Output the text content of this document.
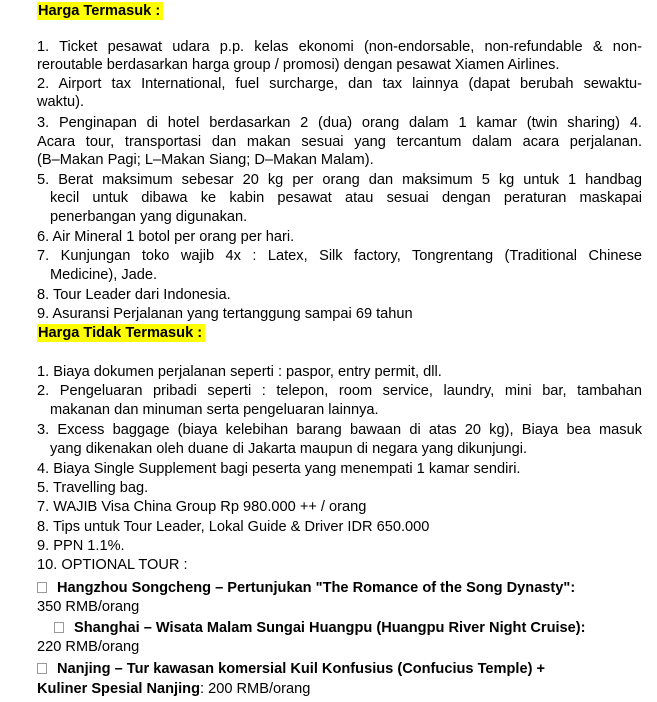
Harga Termasuk :
1. Ticket pesawat udara p.p. kelas ekonomi (non-endorsable, non-refundable & non-
reroutable berdasarkan harga group / promosi) dengan pesawat Xiamen Airlines.
2. Airport tax International, fuel surcharge, dan tax lainnya (dapat berubah sewaktu-
waktu).
3. Penginapan di hotel berdasarkan 2 (dua) orang dalam 1 kamar (twin sharing) 4.
Acara tour, transportasi dan makan sesuai yang tercantum dalam acara perjalanan.
(B–Makan Pagi; L–Makan Siang; D–Makan Malam).
5. Berat maksimum sebesar 20 kg per orang dan maksimum 5 kg untuk 1 handbag
kecil untuk dibawa ke kabin pesawat atau sesuai dengan peraturan maskapai
penerbangan yang digunakan.
6. Air Mineral 1 botol per orang per hari.
7. Kunjungan toko wajib 4x : Latex, Silk factory, Tongrentang (Traditional Chinese
Medicine), Jade.
8. Tour Leader dari Indonesia.
9. Asuransi Perjalanan yang tertanggung sampai 69 tahun
Harga Tidak Termasuk :
1. Biaya dokumen perjalanan seperti : paspor, entry permit, dll.
2. Pengeluaran pribadi seperti : telepon, room service, laundry, mini bar, tambahan
makanan dan minuman serta pengeluaran lainnya.
3. Excess baggage (biaya kelebihan barang bawaan di atas 20 kg), Biaya bea masuk
yang dikenakan oleh duane di Jakarta maupun di negara yang dikunjungi.
4. Biaya Single Supplement bagi peserta yang menempati 1 kamar sendiri.
5. Travelling bag.
7. WAJIB Visa China Group Rp 980.000 ++ / orang
8. Tips untuk Tour Leader, Lokal Guide & Driver IDR 650.000
9. PPN 1.1%.
10. OPTIONAL TOUR :
Hangzhou Songcheng – Pertunjukan "The Romance of the Song Dynasty":
350 RMB/orang
Shanghai – Wisata Malam Sungai Huangpu (Huangpu River Night Cruise):
220 RMB/orang
Nanjing – Tur kawasan komersial Kuil Konfusius (Confucius Temple) +
Kuliner Spesial Nanjing: 200 RMB/orang
